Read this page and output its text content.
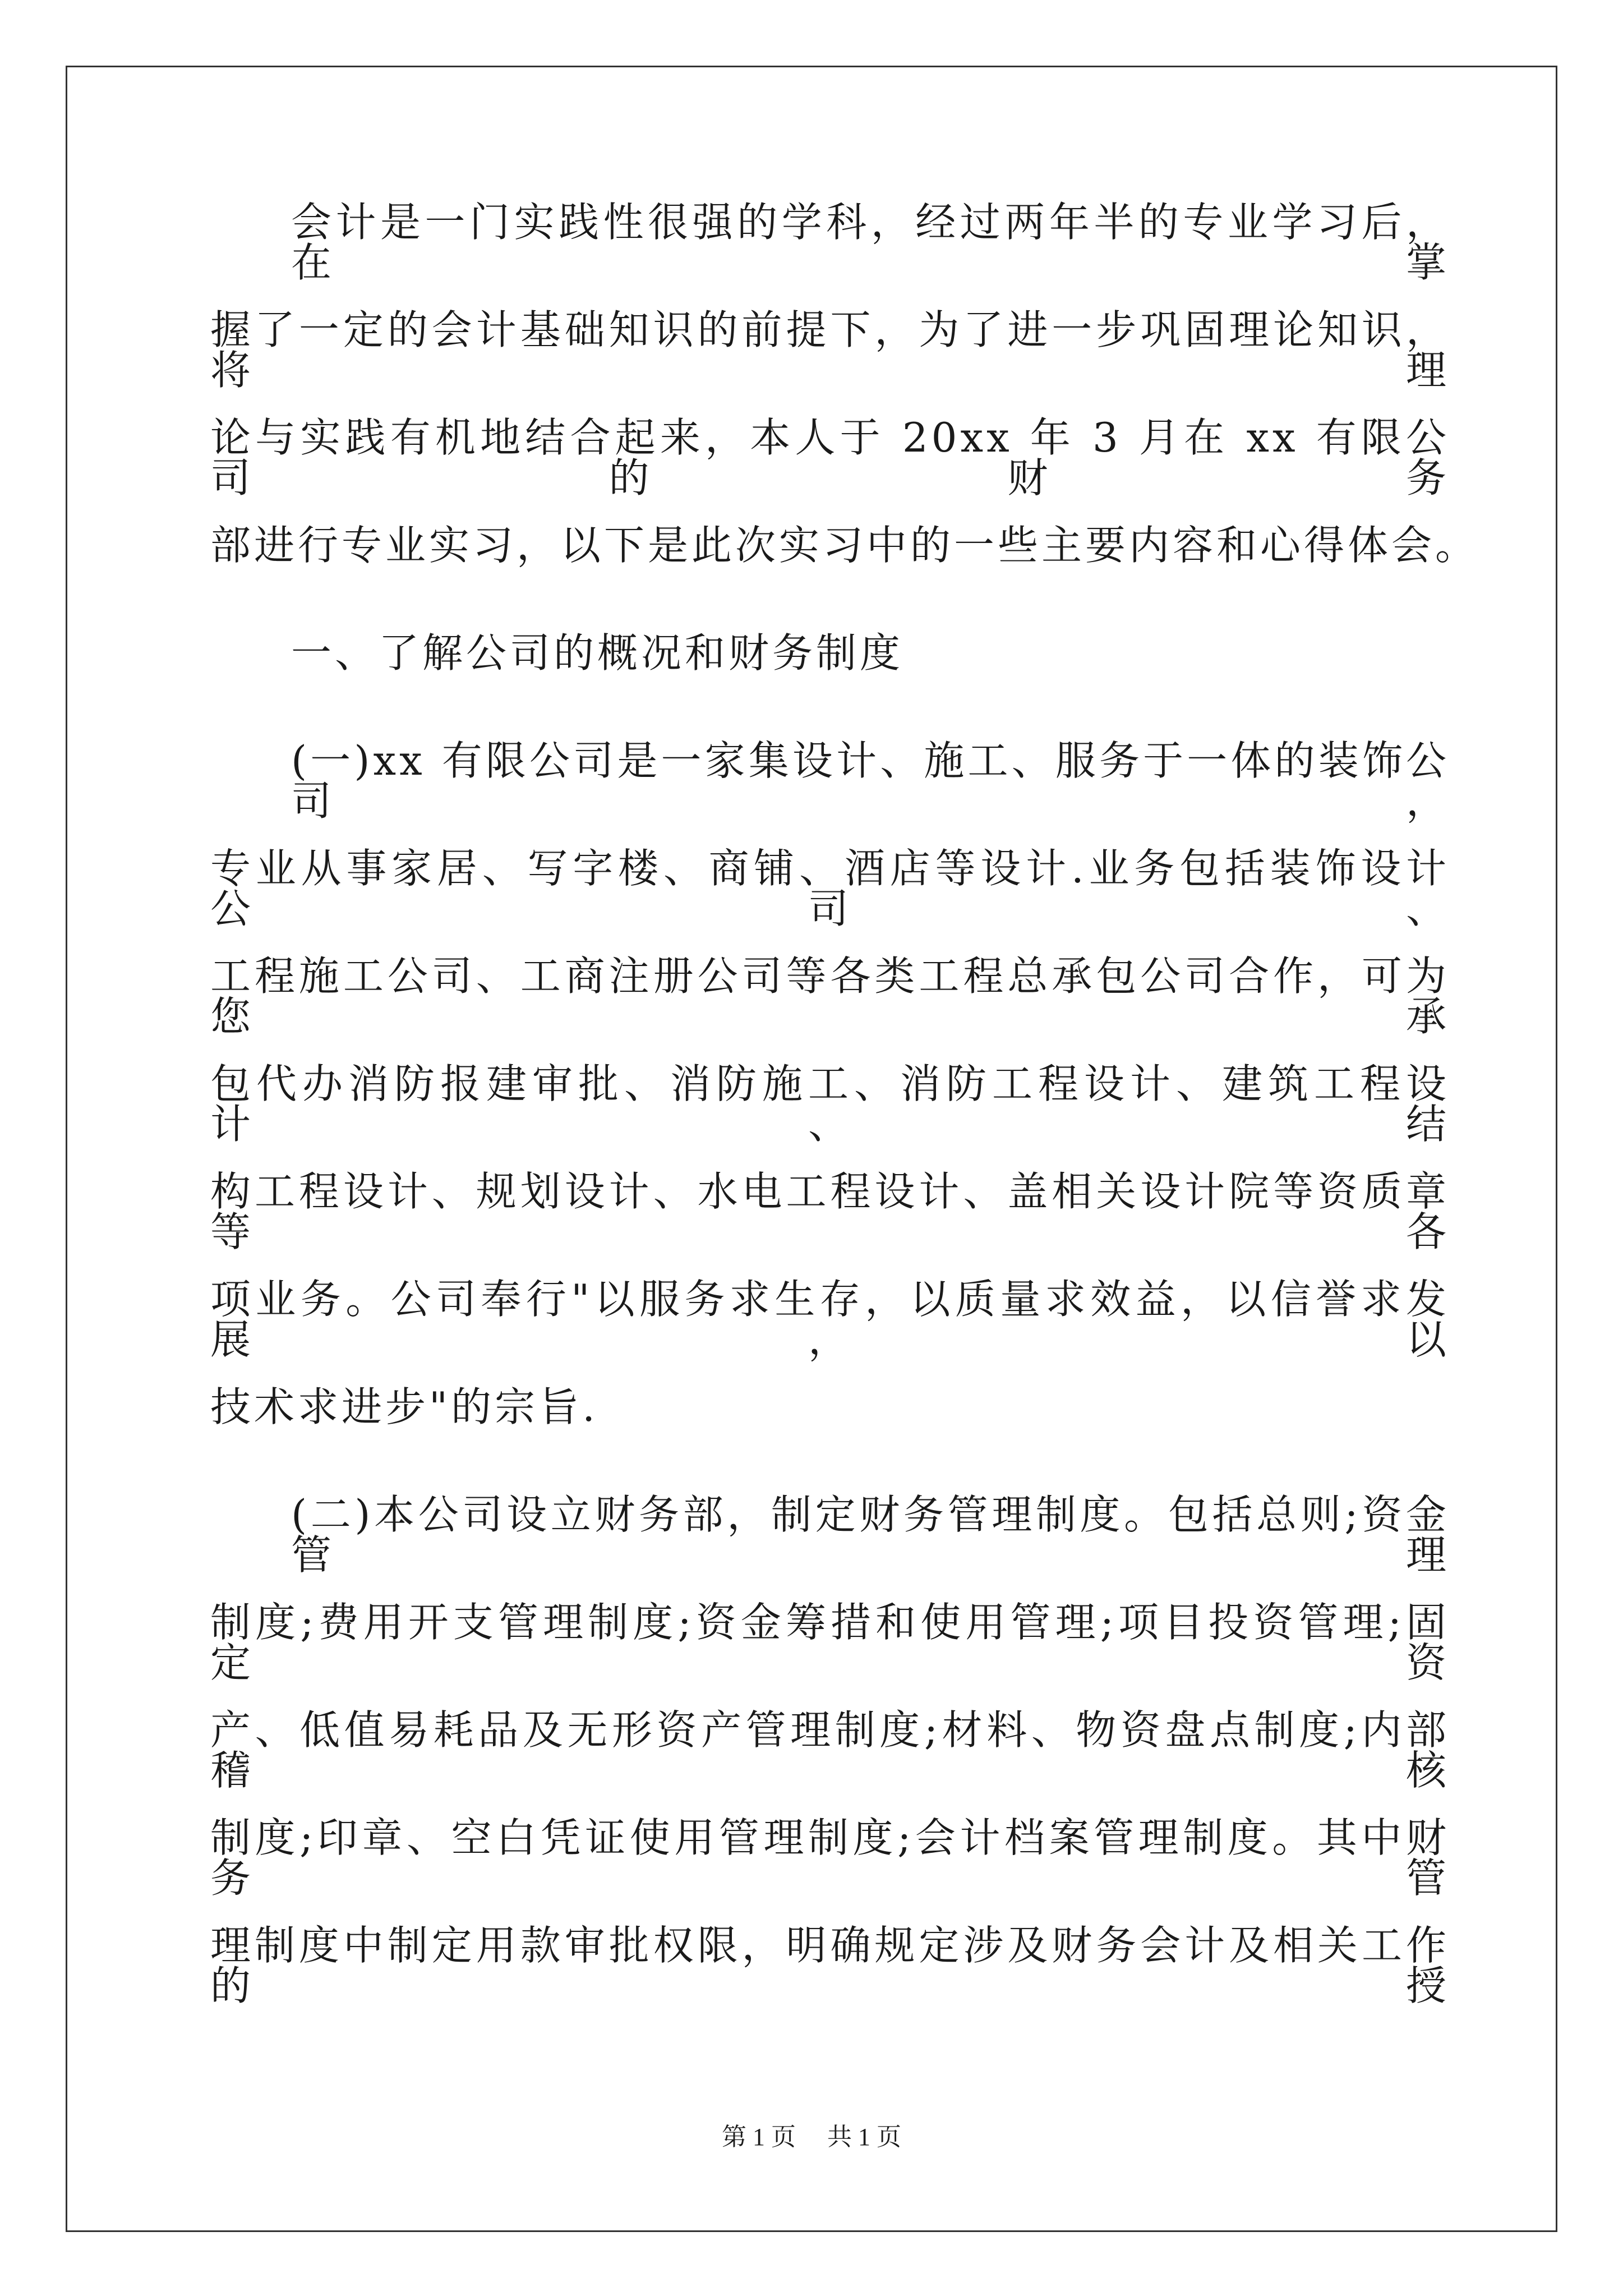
会计是一门实践性很强的学科，经过两年半的专业学习后，在掌
握了一定的会计基础知识的前提下，为了进一步巩固理论知识，将理
论与实践有机地结合起来，本人于 20xx 年 3 月在 xx 有限公司的财务
部进行专业实习，以下是此次实习中的一些主要内容和心得体会。
一、了解公司的概况和财务制度
(一)xx 有限公司是一家集设计、施工、服务于一体的装饰公司，
专业从事家居、写字楼、商铺、酒店等设计.业务包括装饰设计公司、
工程施工公司、工商注册公司等各类工程总承包公司合作，可为您承
包代办消防报建审批、消防施工、消防工程设计、建筑工程设计、结
构工程设计、规划设计、水电工程设计、盖相关设计院等资质章等各
项业务。公司奉行"以服务求生存，以质量求效益，以信誉求发展，以
技术求进步"的宗旨.
(二)本公司设立财务部，制定财务管理制度。包括总则;资金管理
制度;费用开支管理制度;资金筹措和使用管理;项目投资管理;固定资
产、低值易耗品及无形资产管理制度;材料、物资盘点制度;内部稽核
制度;印章、空白凭证使用管理制度;会计档案管理制度。其中财务管
理制度中制定用款审批权限，明确规定涉及财务会计及相关工作的授
第 1 页 共 1 页
